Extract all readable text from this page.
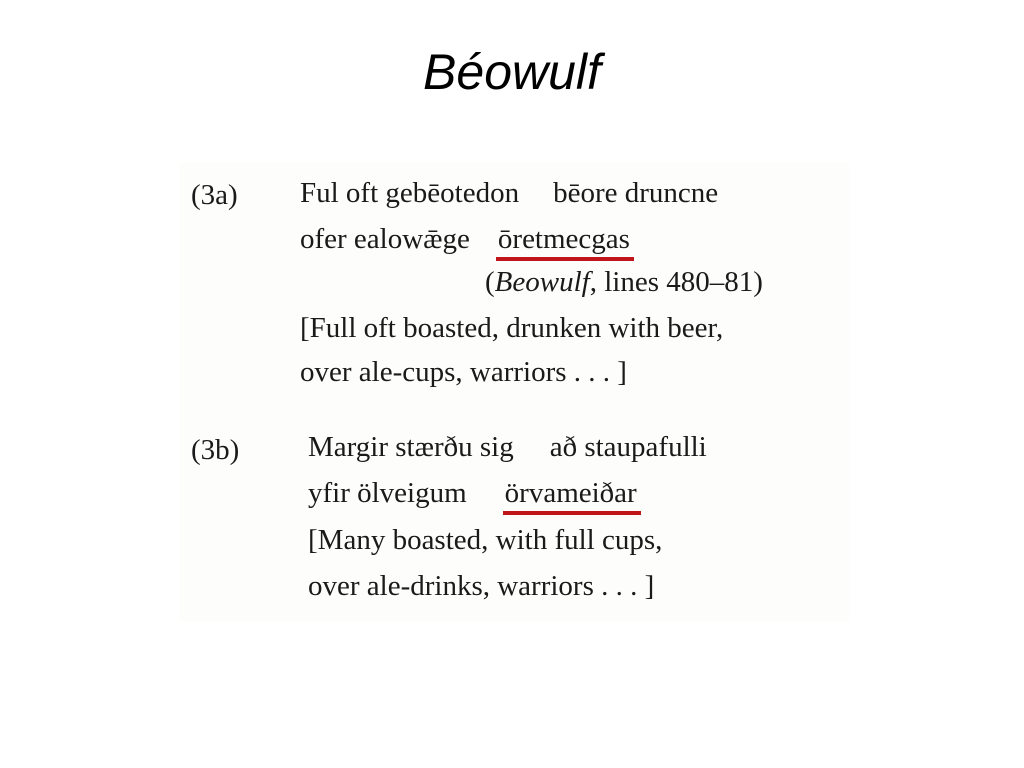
Béowulf
(3a) Ful oft gebēotedon bēore druncne
ofer ealowǣge ōretmecgas
(Beowulf, lines 480–81)
[Full oft boasted, drunken with beer,
over ale-cups, warriors . . . ]
(3b) Margir stærðu sig að staupafulli
yfir ölveigum örvameiðar
[Many boasted, with full cups,
over ale-drinks, warriors . . . ]
